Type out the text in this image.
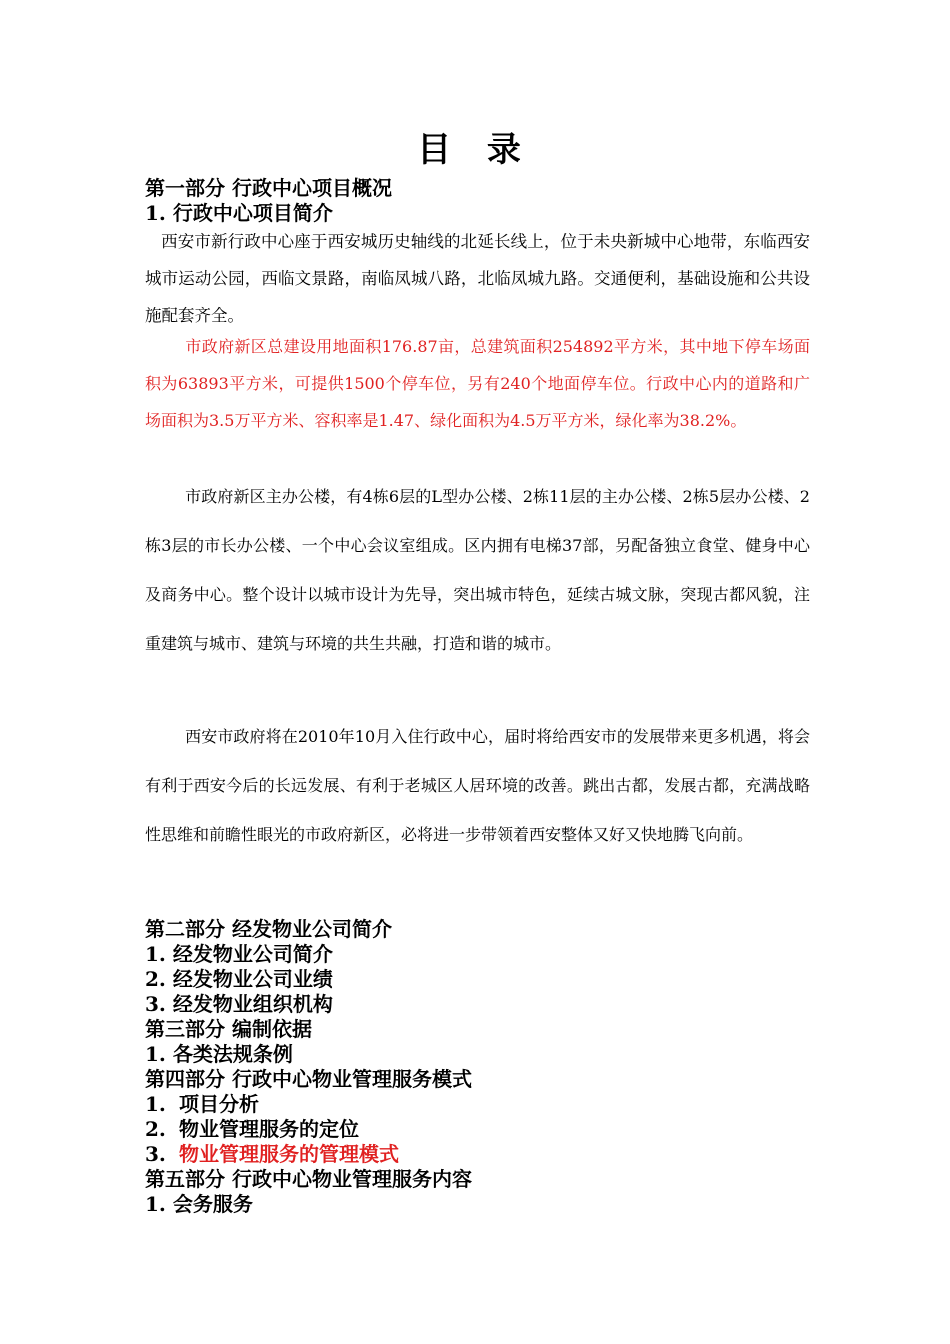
目 录
第一部分 行政中心项目概况
1. 行政中心项目简介

西安市新行政中心座于西安城历史轴线的北延长线上，位于未央新城中心地带，东临西安城市运动公园，西临文景路，南临凤城八路，北临凤城九路。交通便利，基础设施和公共设施配套齐全。

市政府新区总建设用地面积176.87亩，总建筑面积254892平方米，其中地下停车场面积为63893平方米，可提供1500个停车位，另有240个地面停车位。行政中心内的道路和广场面积为3.5万平方米、容积率是1.47、绿化面积为4.5万平方米，绿化率为38.2%。

市政府新区主办公楼，有4栋6层的L型办公楼、2栋11层的主办公楼、2栋5层办公楼、2栋3层的市长办公楼、一个中心会议室组成。区内拥有电梯37部，另配备独立食堂、健身中心及商务中心。整个设计以城市设计为先导，突出城市特色，延续古城文脉，突现古都风貌，注重建筑与城市、建筑与环境的共生共融，打造和谐的城市。

西安市政府将在2010年10月入住行政中心，届时将给西安市的发展带来更多机遇，将会有利于西安今后的长远发展、有利于老城区人居环境的改善。跳出古都，发展古都，充满战略性思维和前瞻性眼光的市政府新区，必将进一步带领着西安整体又好又快地腾飞向前。

第二部分 经发物业公司简介
1. 经发物业公司简介
2. 经发物业公司业绩
3. 经发物业组织机构
第三部分 编制依据
1. 各类法规条例
第四部分 行政中心物业管理服务模式
1. 项目分析
2. 物业管理服务的定位
3. 物业管理服务的管理模式
第五部分 行政中心物业管理服务内容
1. 会务服务
